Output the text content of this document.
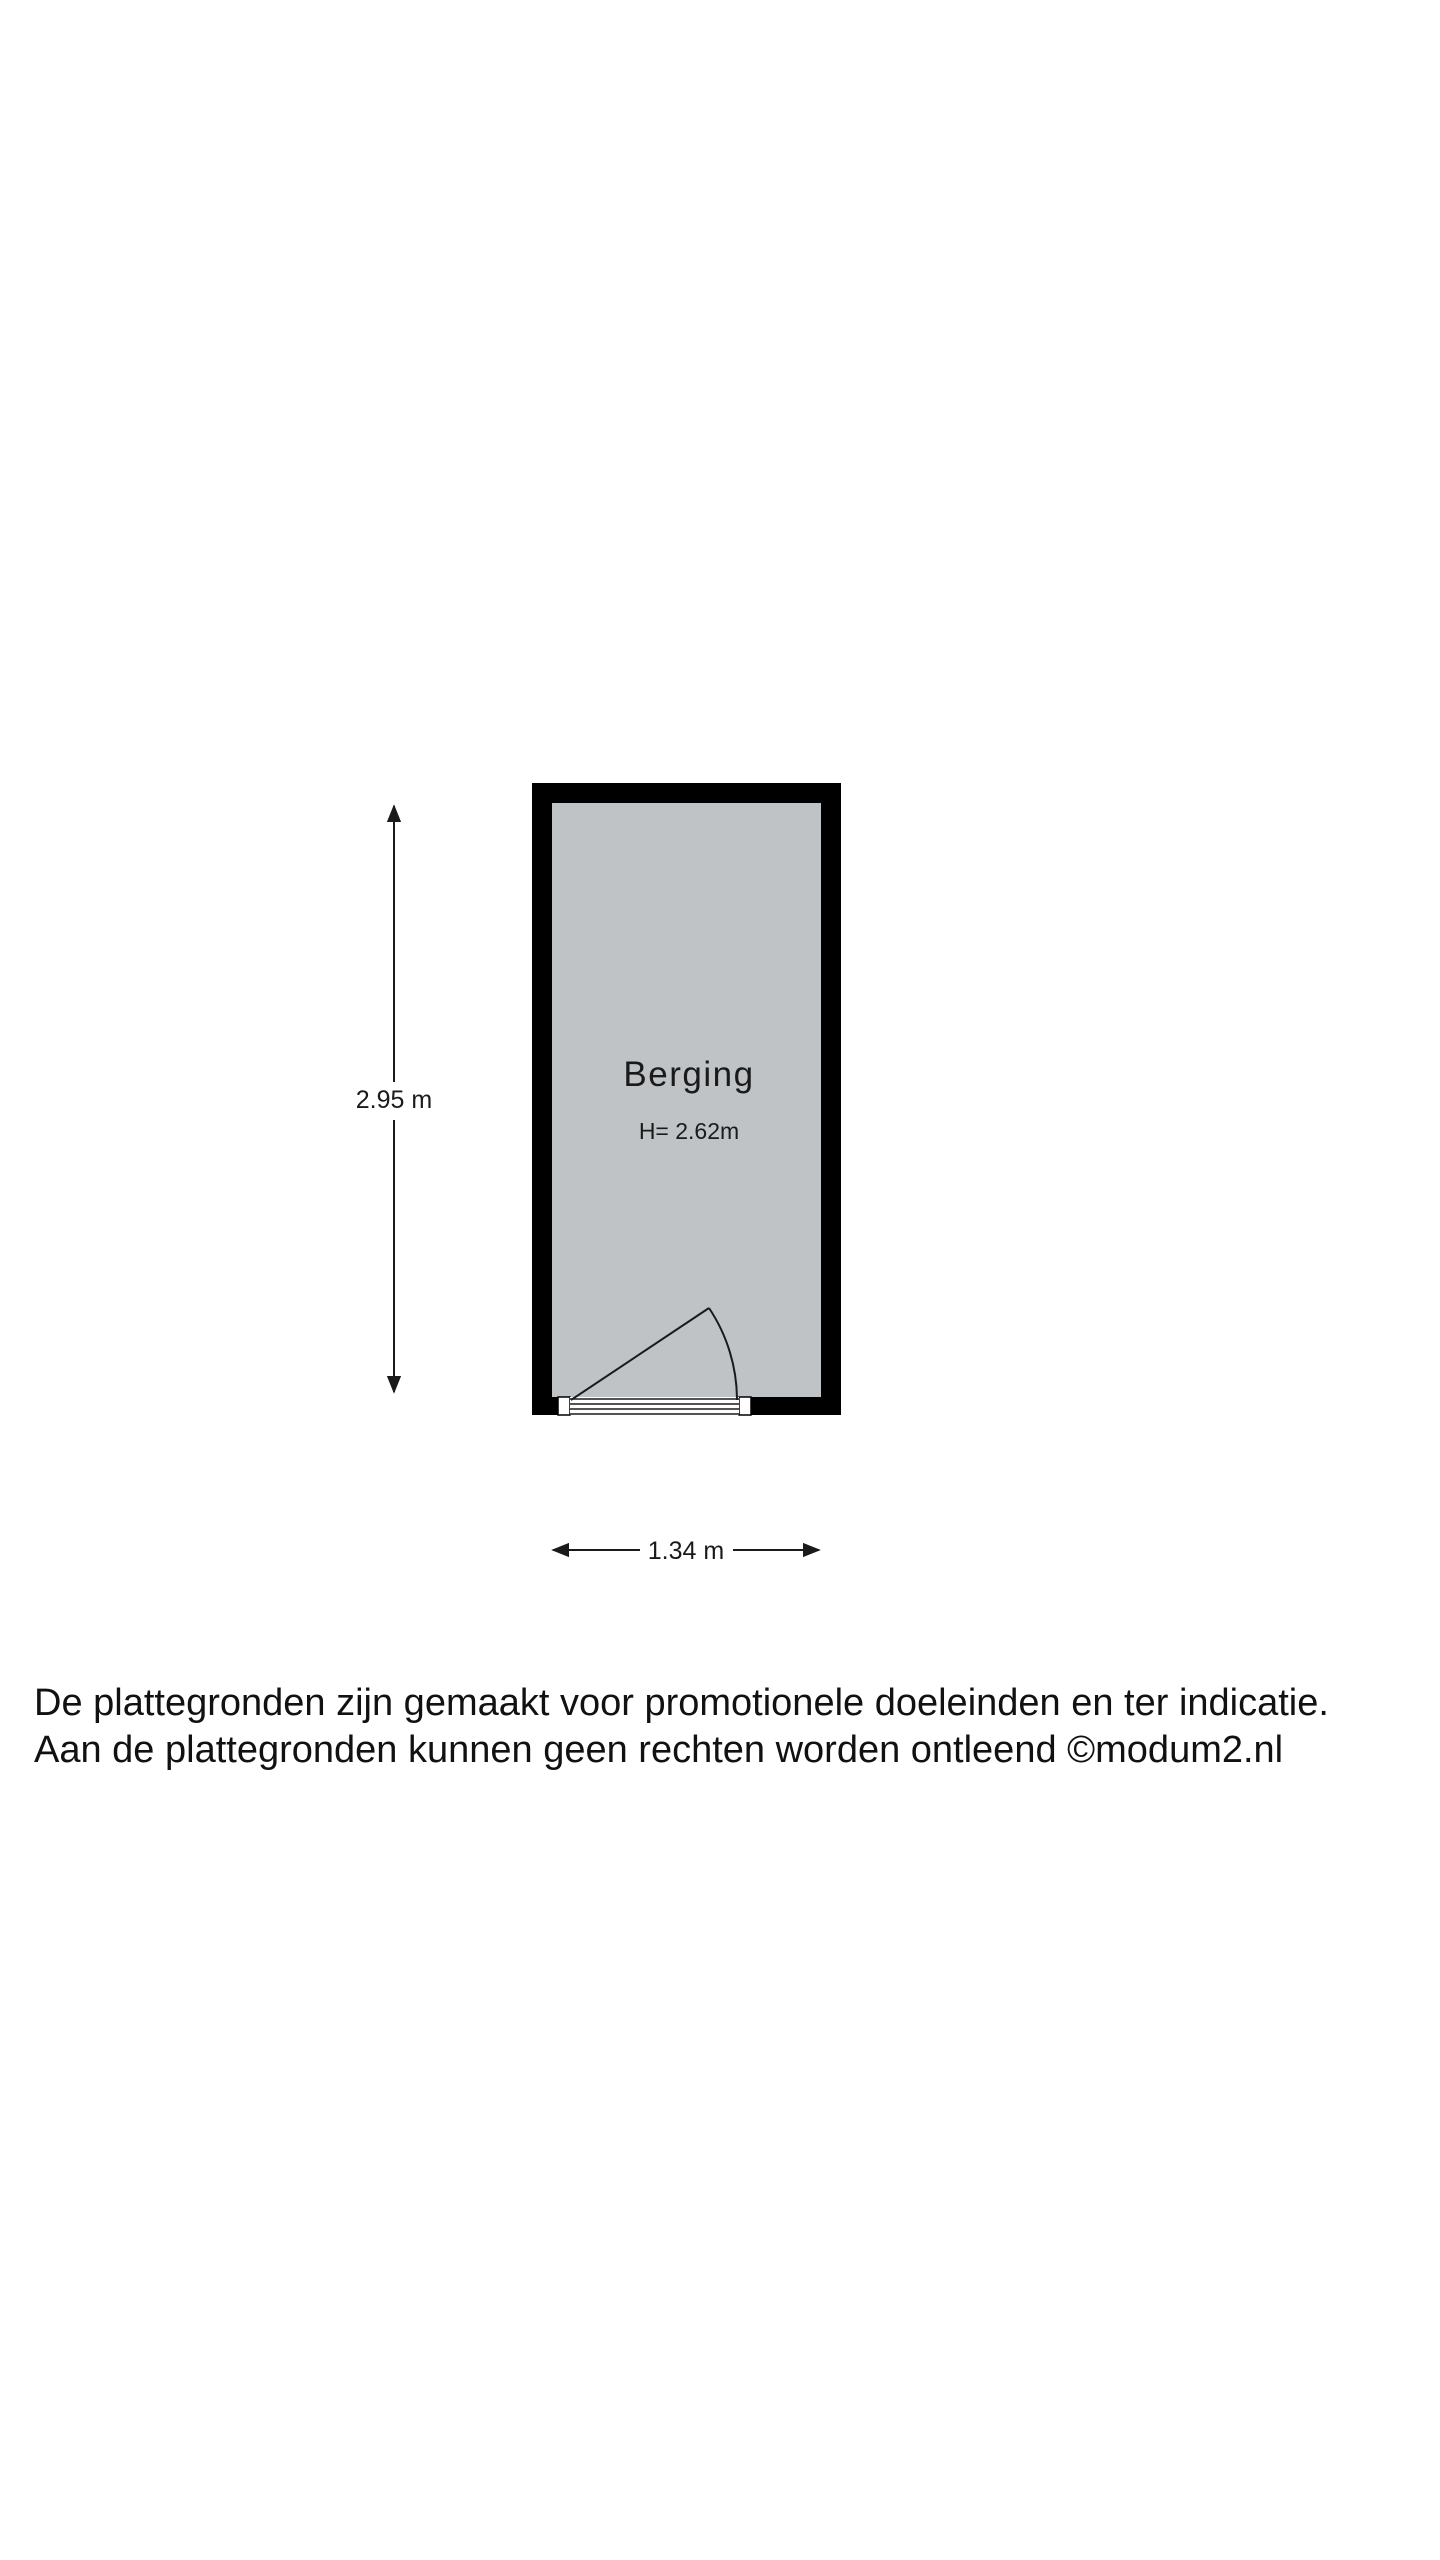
Berging
H= 2.62m
2.95 m
1.34 m
De plattegronden zijn gemaakt voor promotionele doeleinden en ter indicatie.
Aan de plattegronden kunnen geen rechten worden ontleend ©modum2.nl
